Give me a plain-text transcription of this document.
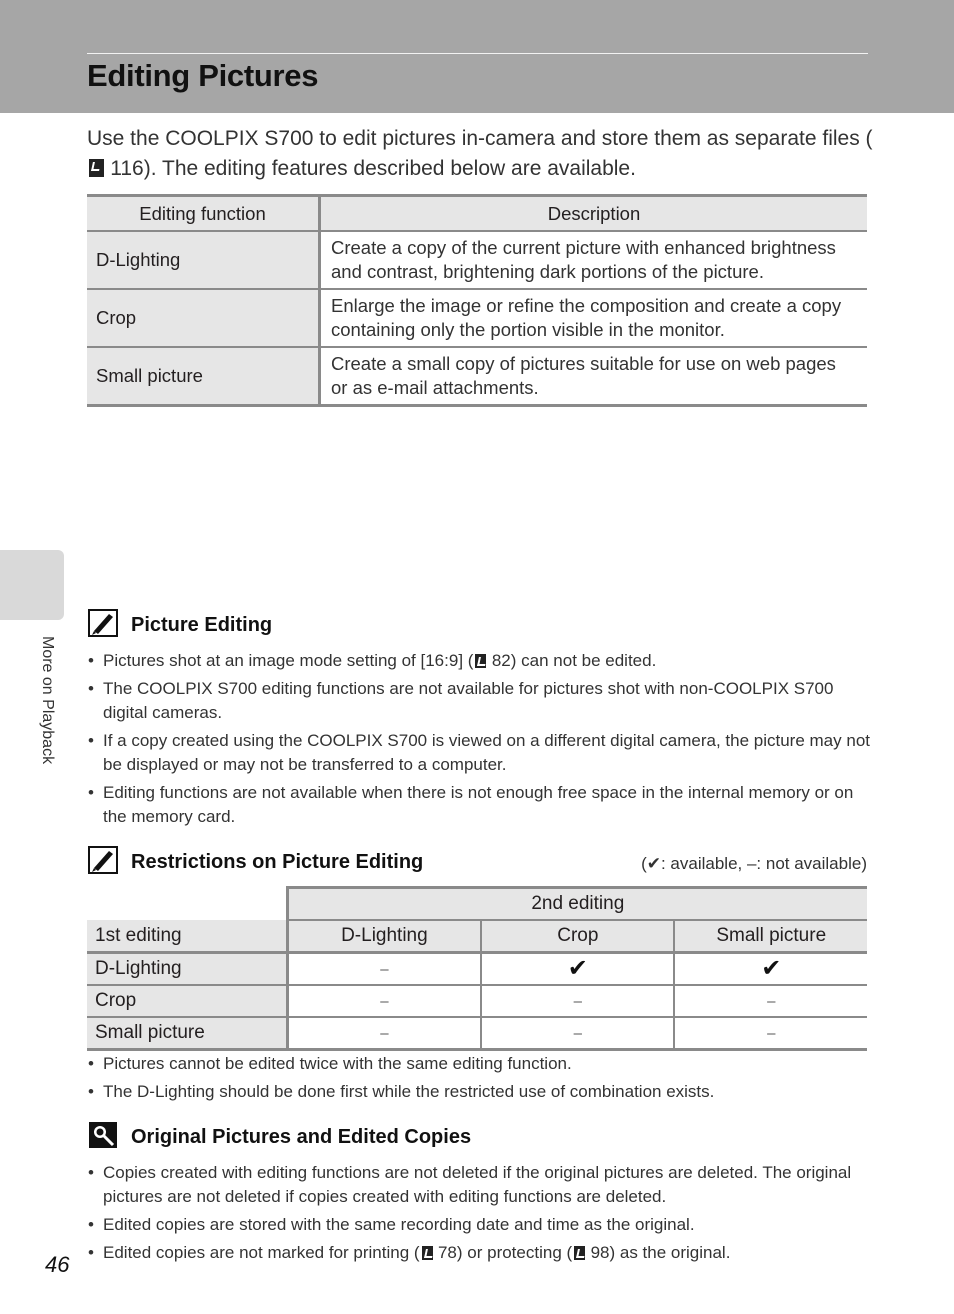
Editing Pictures
Use the COOLPIX S700 to edit pictures in-camera and store them as separate files ( 116). The editing features described below are available.
Editing function	Description
D-Lighting	Create a copy of the current picture with enhanced brightness and contrast, brightening dark portions of the picture.
Crop	Enlarge the image or refine the composition and create a copy containing only the portion visible in the monitor.
Small picture	Create a small copy of pictures suitable for use on web pages or as e-mail attachments.
More on Playback
Picture Editing
• Pictures shot at an image mode setting of [16:9] (  82) can not be edited.
• The COOLPIX S700 editing functions are not available for pictures shot with non-COOLPIX S700 digital cameras.
• If a copy created using the COOLPIX S700 is viewed on a different digital camera, the picture may not be displayed or may not be transferred to a computer.
• Editing functions are not available when there is not enough free space in the internal memory or on the memory card.
Restrictions on Picture Editing	(✔: available, –: not available)
	2nd editing		
1st editing	D-Lighting	Crop	Small picture
D-Lighting	–	✔	✔
Crop	–	–	–
Small picture	–	–	–
• Pictures cannot be edited twice with the same editing function.
• The D-Lighting should be done first while the restricted use of combination exists.
Original Pictures and Edited Copies
• Copies created with editing functions are not deleted if the original pictures are deleted. The original pictures are not deleted if copies created with editing functions are deleted.
• Edited copies are stored with the same recording date and time as the original.
• Edited copies are not marked for printing (  78) or protecting (  98) as the original.
46
